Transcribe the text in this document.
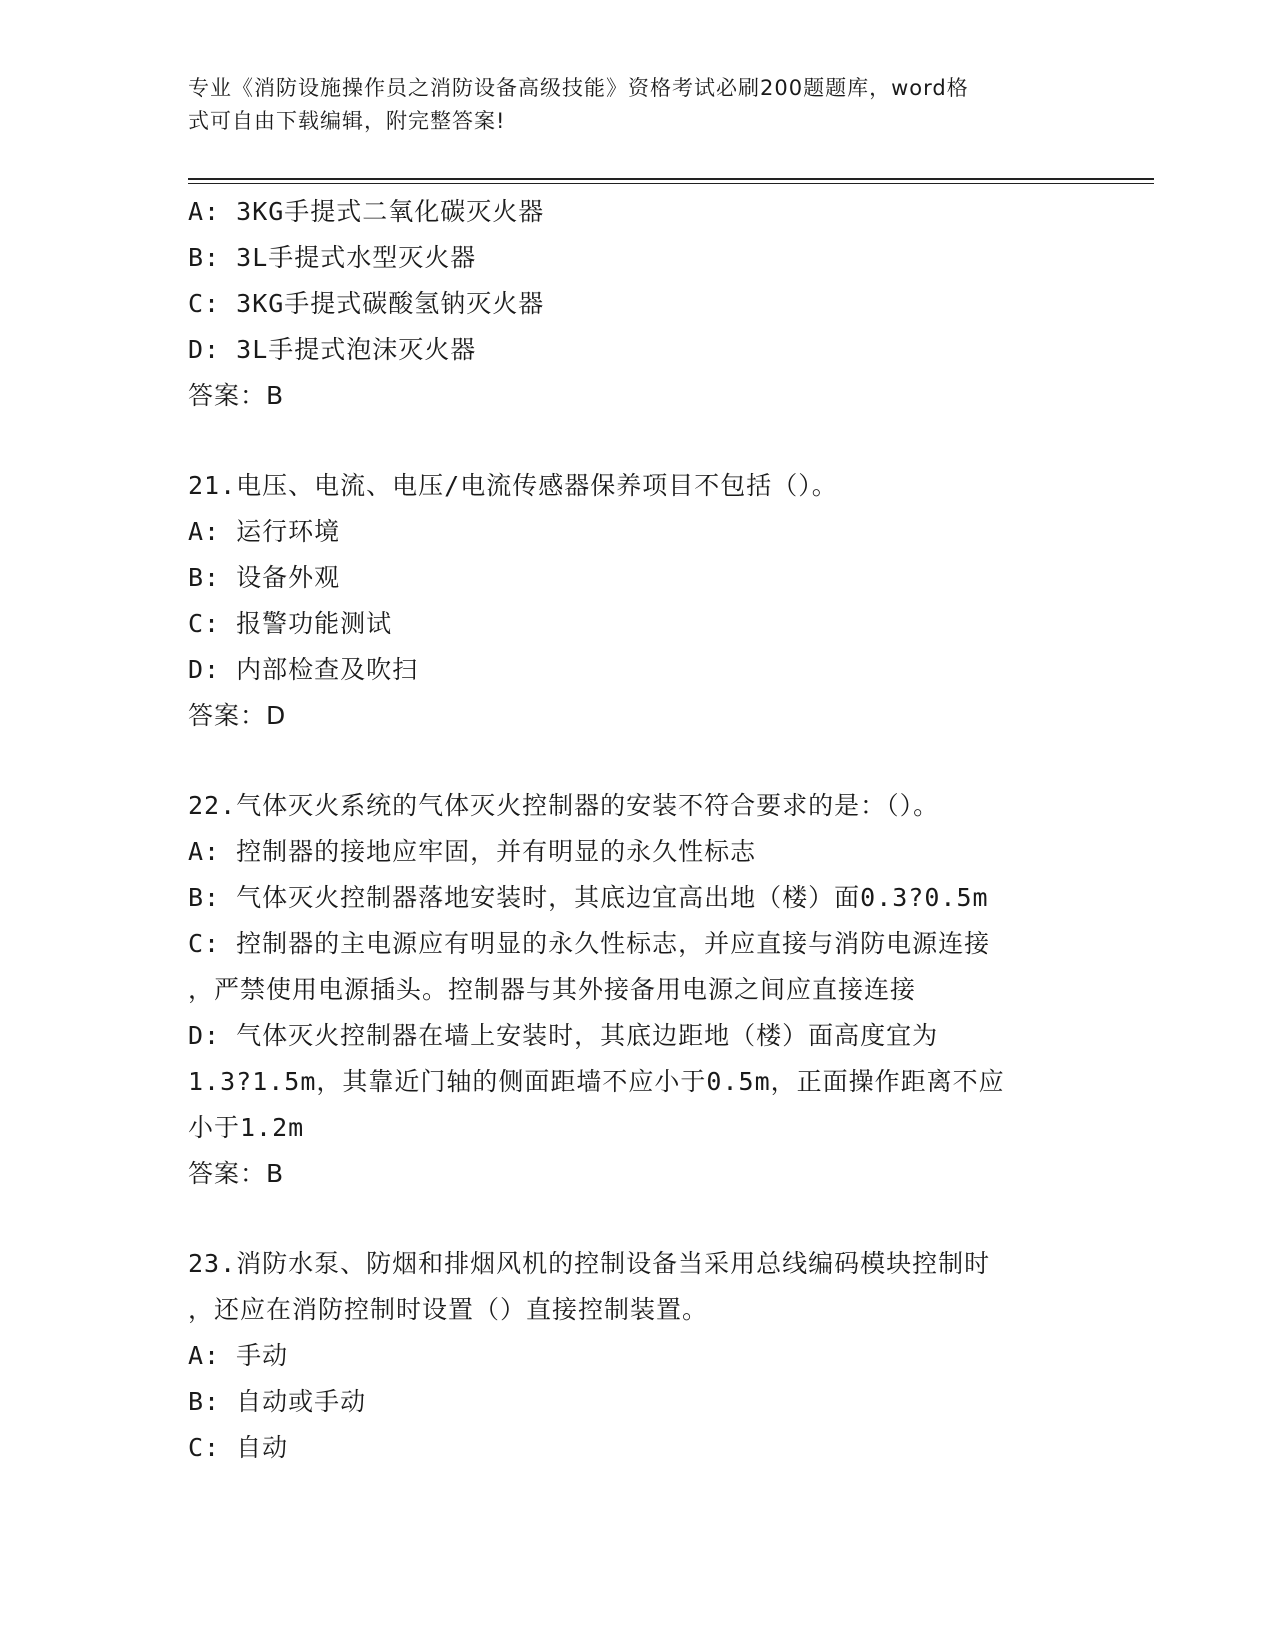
专业《消防设施操作员之消防设备高级技能》资格考试必刷200题题库，word格
式可自由下载编辑，附完整答案!
A: 3KG手提式二氧化碳灭火器
B: 3L手提式水型灭火器
C: 3KG手提式碳酸氢钠灭火器
D: 3L手提式泡沫灭火器
答案：B
21.电压、电流、电压/电流传感器保养项目不包括（）。
A: 运行环境
B: 设备外观
C: 报警功能测试
D: 内部检查及吹扫
答案：D
22.气体灭火系统的气体灭火控制器的安装不符合要求的是：（）。
A: 控制器的接地应牢固，并有明显的永久性标志
B: 气体灭火控制器落地安装时，其底边宜高出地（楼）面0.3?0.5m
C: 控制器的主电源应有明显的永久性标志，并应直接与消防电源连接
，严禁使用电源插头。控制器与其外接备用电源之间应直接连接
D: 气体灭火控制器在墙上安装时，其底边距地（楼）面高度宜为
1.3?1.5m，其靠近门轴的侧面距墙不应小于0.5m，正面操作距离不应
小于1.2m
答案：B
23.消防水泵、防烟和排烟风机的控制设备当采用总线编码模块控制时
，还应在消防控制时设置（）直接控制装置。
A: 手动
B: 自动或手动
C: 自动
